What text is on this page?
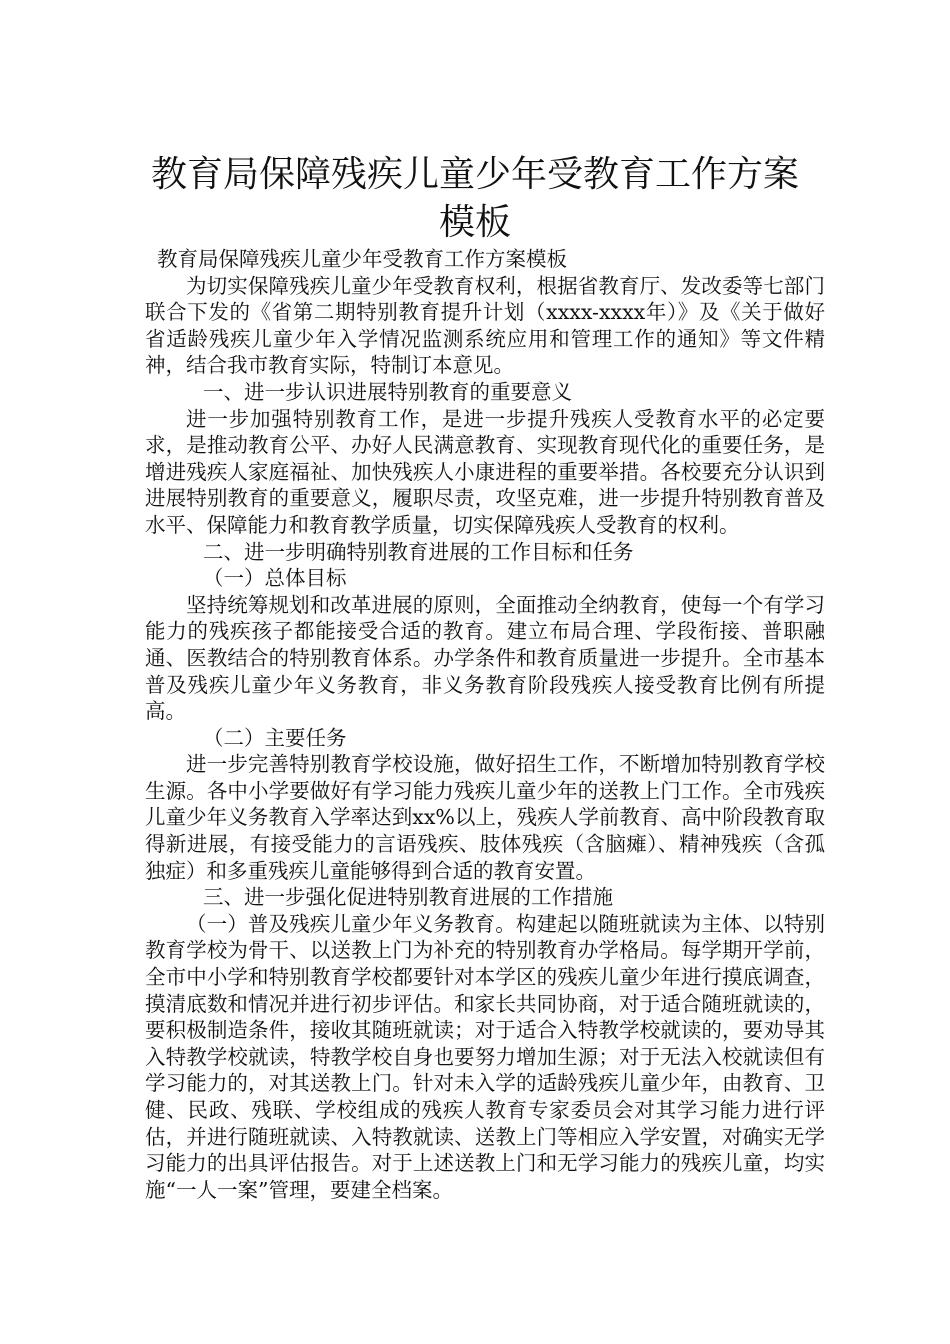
教育局保障残疾儿童少年受教育工作方案
模板

教育局保障残疾儿童少年受教育工作方案模板

为切实保障残疾儿童少年受教育权利，根据省教育厅、发改委等七部门联合下发的《省第二期特别教育提升计划（xxxx-xxxx年）》及《关于做好省适龄残疾儿童少年入学情况监测系统应用和管理工作的通知》等文件精神，结合我市教育实际，特制订本意见。

一、进一步认识进展特别教育的重要意义

进一步加强特别教育工作，是进一步提升残疾人受教育水平的必定要求，是推动教育公平、办好人民满意教育、实现教育现代化的重要任务，是增进残疾人家庭福祉、加快残疾人小康进程的重要举措。各校要充分认识到进展特别教育的重要意义，履职尽责，攻坚克难，进一步提升特别教育普及水平、保障能力和教育教学质量，切实保障残疾人受教育的权利。

二、进一步明确特别教育进展的工作目标和任务

（一）总体目标

坚持统筹规划和改革进展的原则，全面推动全纳教育，使每一个有学习能力的残疾孩子都能接受合适的教育。建立布局合理、学段衔接、普职融通、医教结合的特别教育体系。办学条件和教育质量进一步提升。全市基本普及残疾儿童少年义务教育，非义务教育阶段残疾人接受教育比例有所提高。

（二）主要任务

进一步完善特别教育学校设施，做好招生工作，不断增加特别教育学校生源。各中小学要做好有学习能力残疾儿童少年的送教上门工作。全市残疾儿童少年义务教育入学率达到xx%以上，残疾人学前教育、高中阶段教育取得新进展，有接受能力的言语残疾、肢体残疾（含脑瘫）、精神残疾（含孤独症）和多重残疾儿童能够得到合适的教育安置。

三、进一步强化促进特别教育进展的工作措施

（一）普及残疾儿童少年义务教育。构建起以随班就读为主体、以特别教育学校为骨干、以送教上门为补充的特别教育办学格局。每学期开学前，全市中小学和特别教育学校都要针对本学区的残疾儿童少年进行摸底调查，摸清底数和情况并进行初步评估。和家长共同协商，对于适合随班就读的，要积极制造条件，接收其随班就读；对于适合入特教学校就读的，要劝导其入特教学校就读，特教学校自身也要努力增加生源；对于无法入校就读但有学习能力的，对其送教上门。针对未入学的适龄残疾儿童少年，由教育、卫健、民政、残联、学校组成的残疾人教育专家委员会对其学习能力进行评估，并进行随班就读、入特教就读、送教上门等相应入学安置，对确实无学习能力的出具评估报告。对于上述送教上门和无学习能力的残疾儿童，均实施“一人一案”管理，要建全档案。
